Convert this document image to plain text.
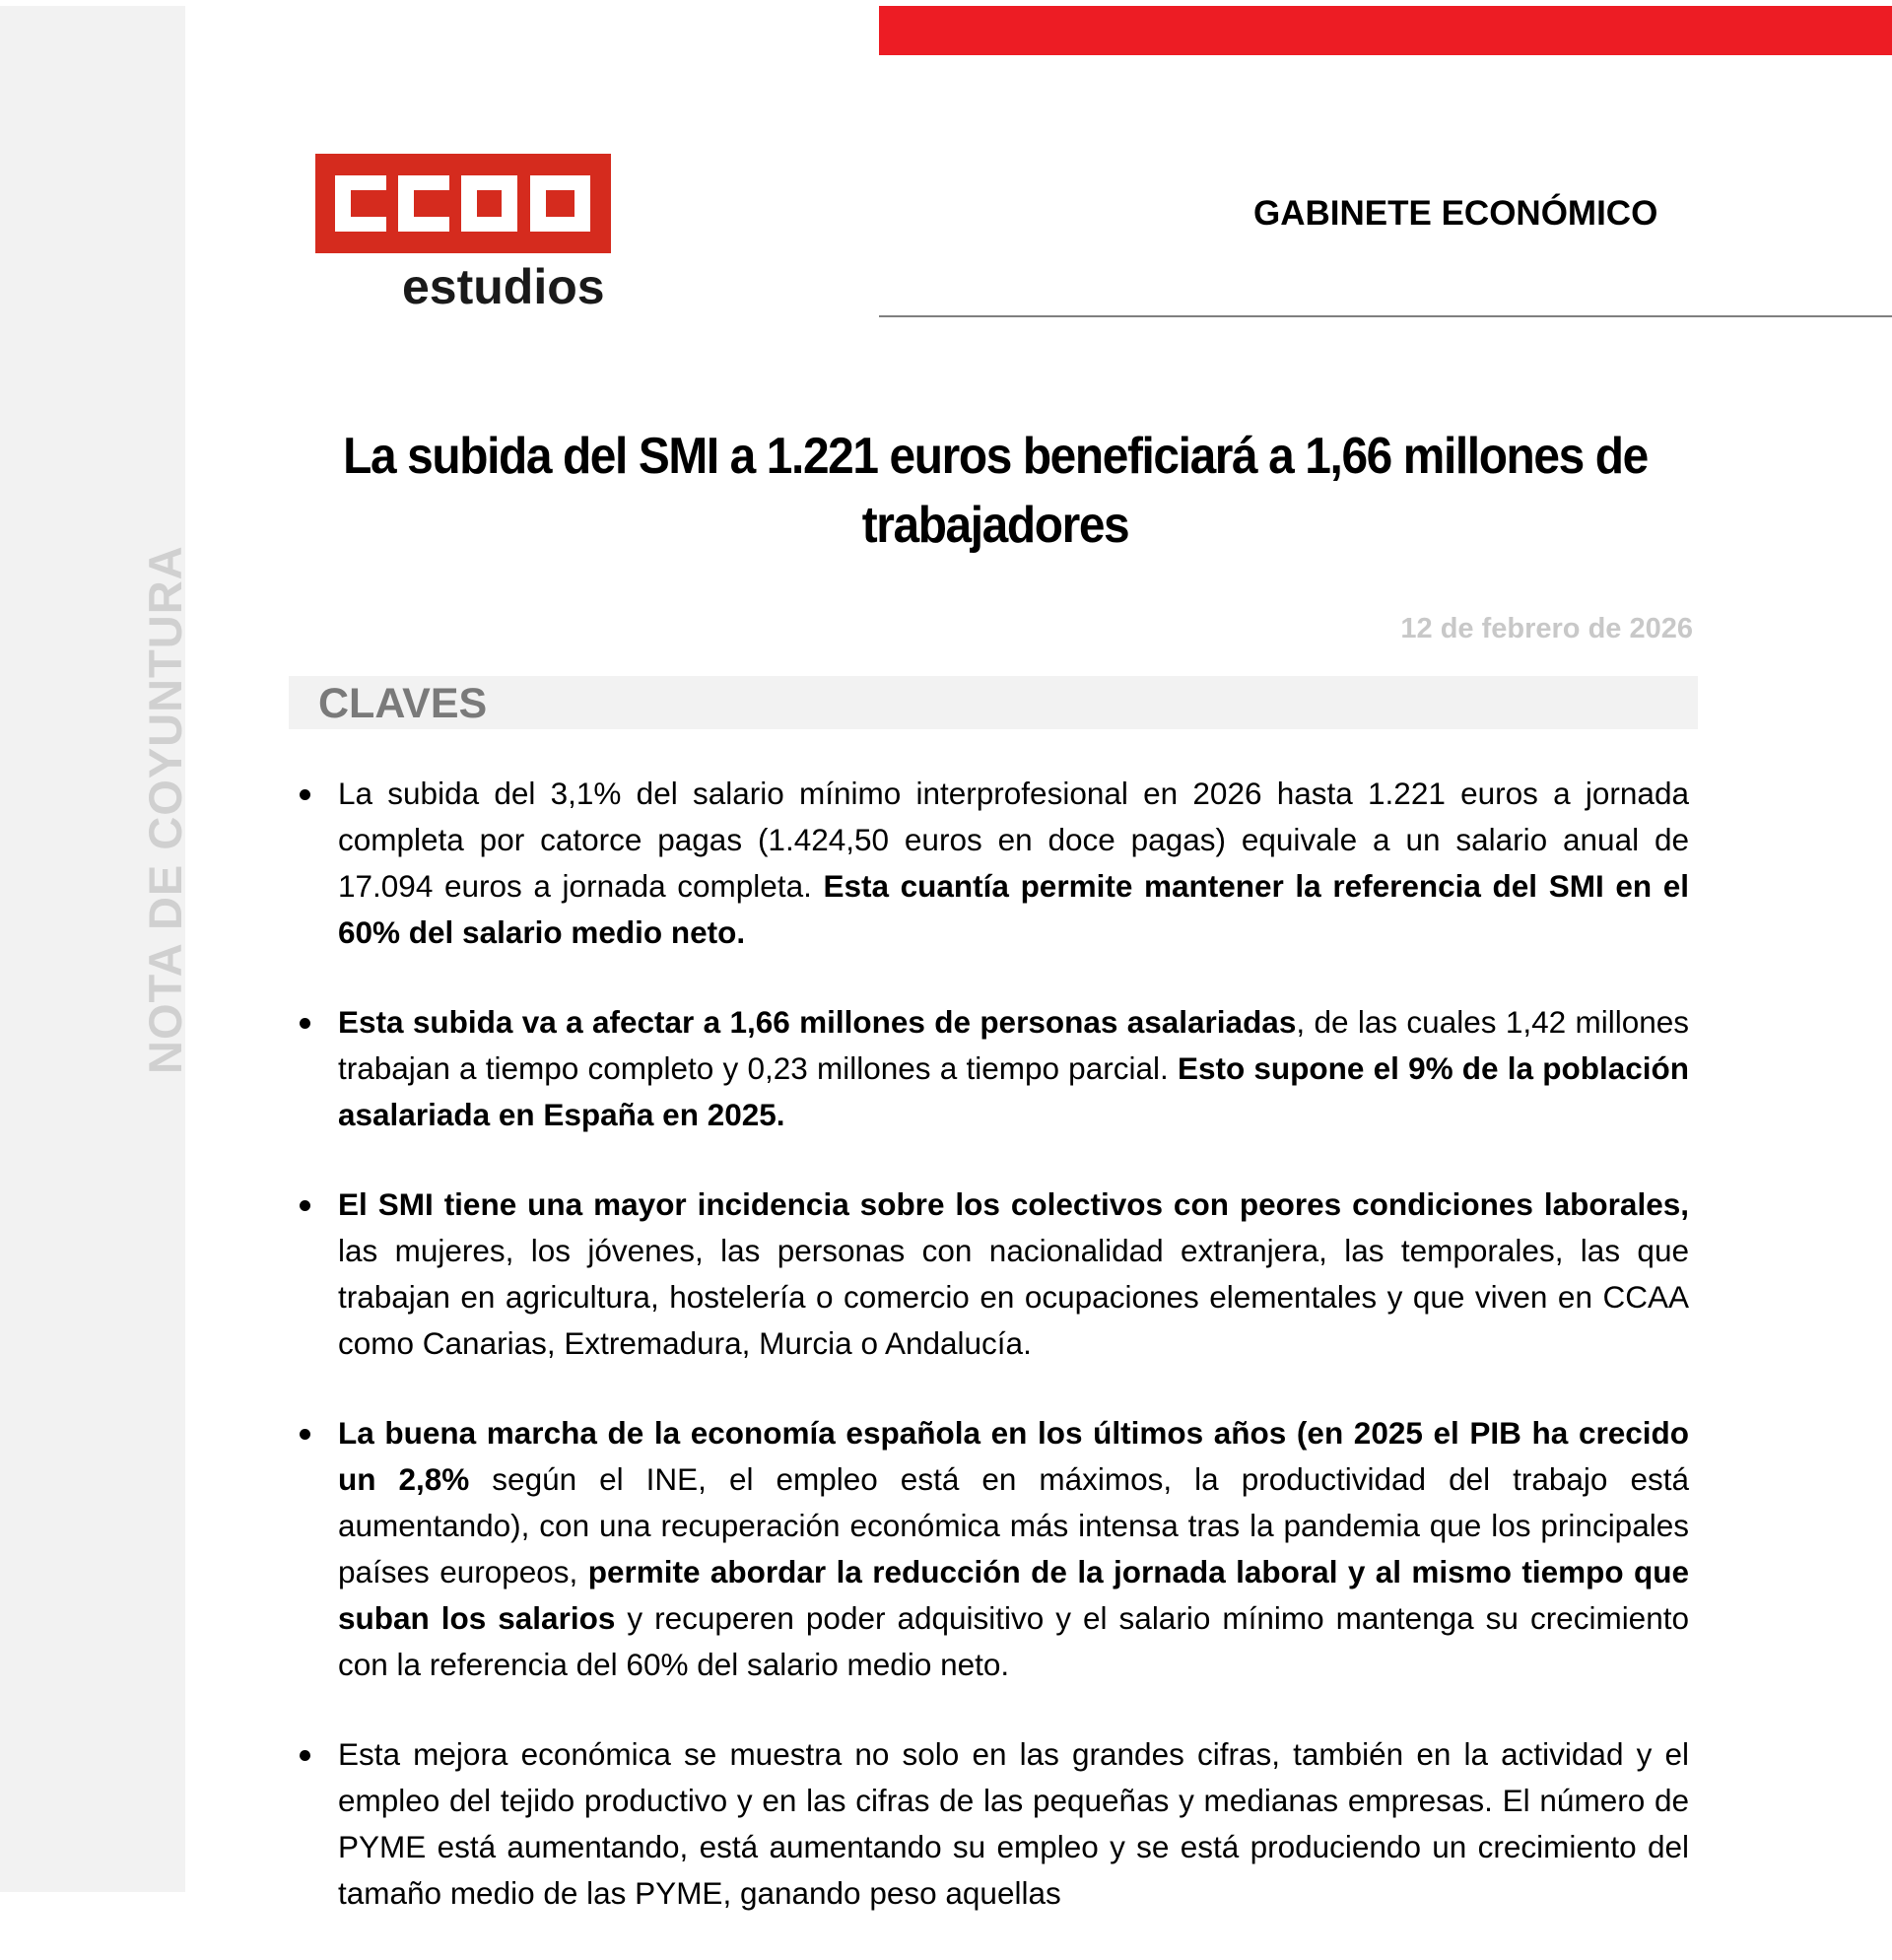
NOTA DE COYUNTURA
estudios
GABINETE ECONÓMICO
La subida del SMI a 1.221 euros beneficiará a 1,66 millones de trabajadores
12 de febrero de 2026
CLAVES
La subida del 3,1% del salario mínimo interprofesional en 2026 hasta 1.221 euros a jornada completa por catorce pagas (1.424,50 euros en doce pagas) equivale a un salario anual de 17.094 euros a jornada completa. Esta cuantía permite mantener la referencia del SMI en el 60% del salario medio neto.
Esta subida va a afectar a 1,66 millones de personas asalariadas, de las cuales 1,42 millones trabajan a tiempo completo y 0,23 millones a tiempo parcial. Esto supone el 9% de la población asalariada en España en 2025.
El SMI tiene una mayor incidencia sobre los colectivos con peores condiciones laborales, las mujeres, los jóvenes, las personas con nacionalidad extranjera, las temporales, las que trabajan en agricultura, hostelería o comercio en ocupaciones elementales y que viven en CCAA como Canarias, Extremadura, Murcia o Andalucía.
La buena marcha de la economía española en los últimos años (en 2025 el PIB ha crecido un 2,8% según el INE, el empleo está en máximos, la productividad del trabajo está aumentando), con una recuperación económica más intensa tras la pandemia que los principales países europeos, permite abordar la reducción de la jornada laboral y al mismo tiempo que suban los salarios y recuperen poder adquisitivo y el salario mínimo mantenga su crecimiento con la referencia del 60% del salario medio neto.
Esta mejora económica se muestra no solo en las grandes cifras, también en la actividad y el empleo del tejido productivo y en las cifras de las pequeñas y medianas empresas. El número de PYME está aumentando, está aumentando su empleo y se está produciendo un crecimiento del tamaño medio de las PYME, ganando peso aquellas
